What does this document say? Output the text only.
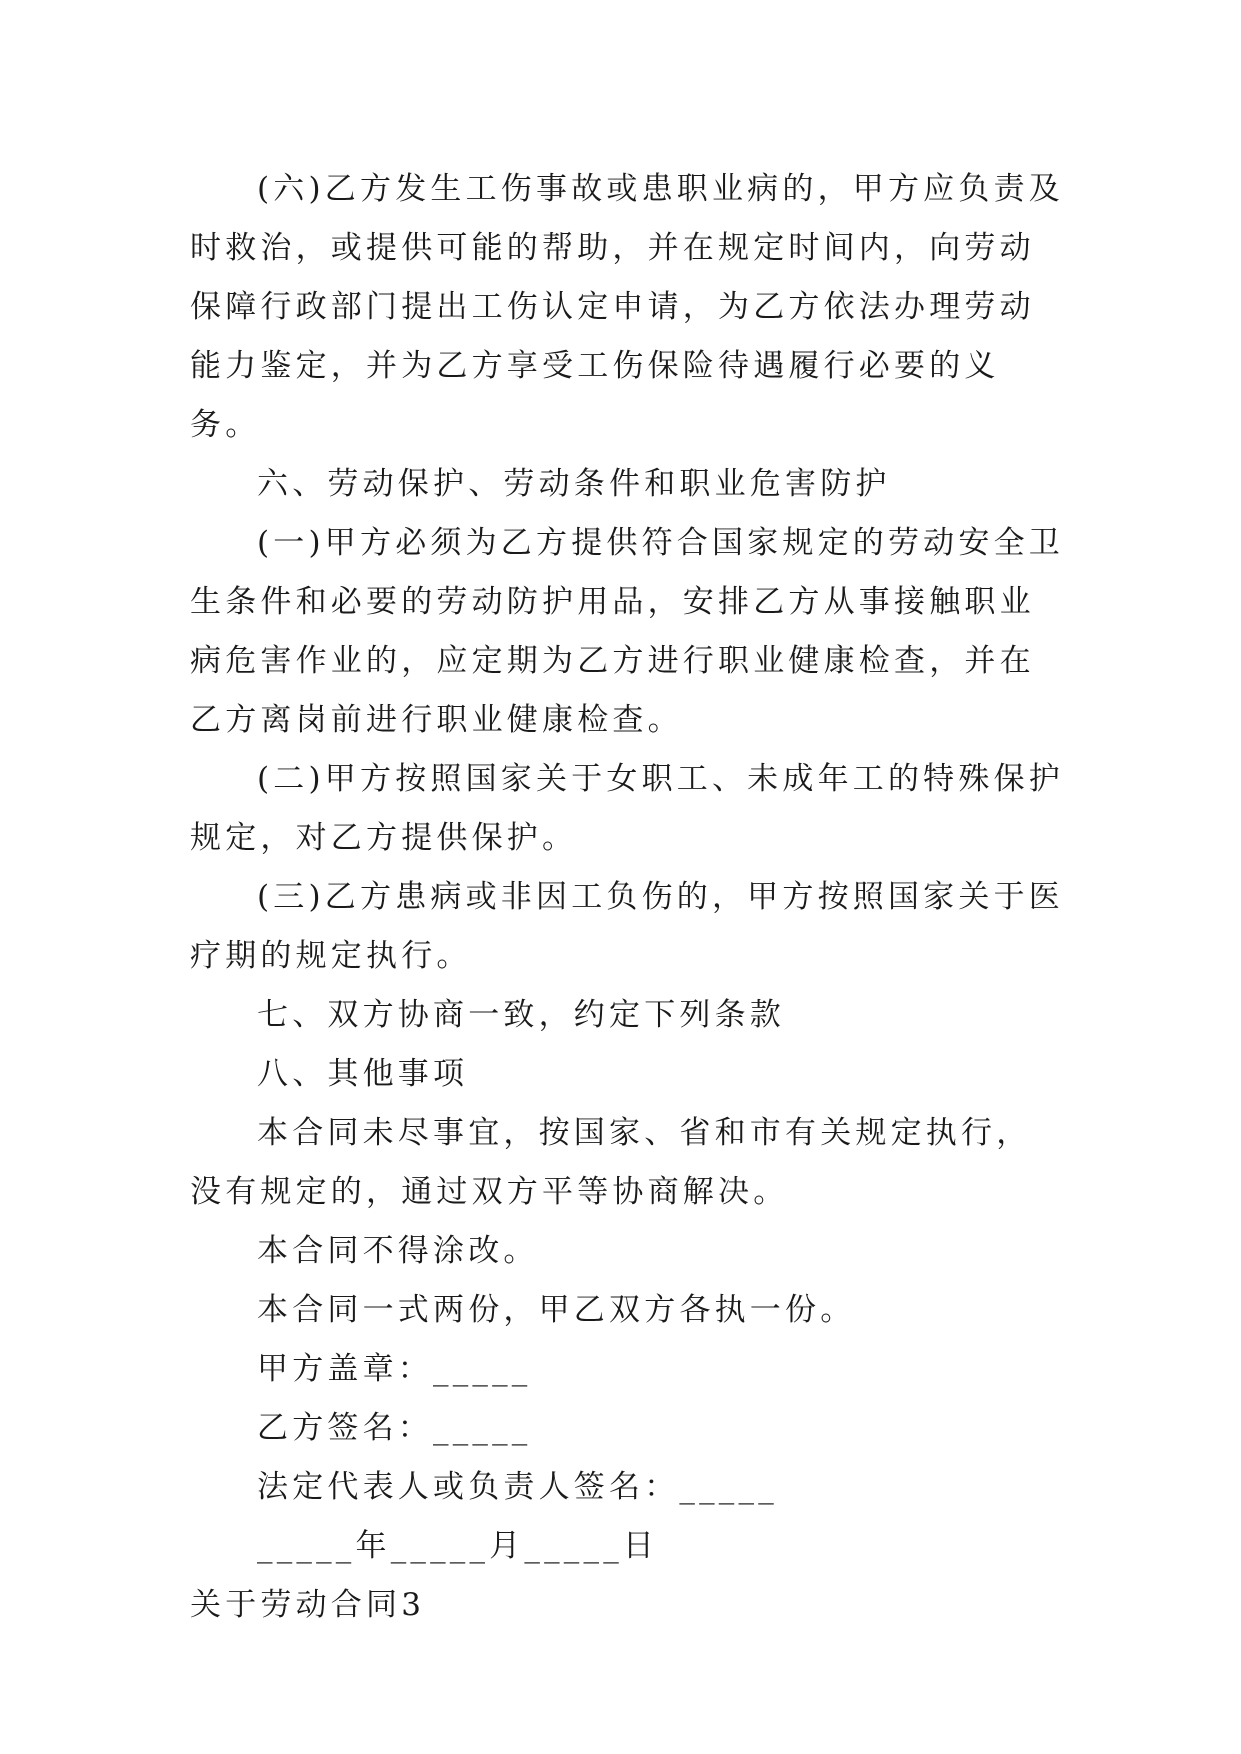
(六)乙方发生工伤事故或患职业病的，甲方应负责及时救治，或提供可能的帮助，并在规定时间内，向劳动保障行政部门提出工伤认定申请，为乙方依法办理劳动能力鉴定，并为乙方享受工伤保险待遇履行必要的义务。

六、劳动保护、劳动条件和职业危害防护

(一)甲方必须为乙方提供符合国家规定的劳动安全卫生条件和必要的劳动防护用品，安排乙方从事接触职业病危害作业的，应定期为乙方进行职业健康检查，并在乙方离岗前进行职业健康检查。

(二)甲方按照国家关于女职工、未成年工的特殊保护规定，对乙方提供保护。

(三)乙方患病或非因工负伤的，甲方按照国家关于医疗期的规定执行。

七、双方协商一致，约定下列条款

八、其他事项

本合同未尽事宜，按国家、省和市有关规定执行，没有规定的，通过双方平等协商解决。

本合同不得涂改。

本合同一式两份，甲乙双方各执一份。

甲方盖章：_____

乙方签名：_____

法定代表人或负责人签名：_____

_____年_____月_____日

关于劳动合同3
